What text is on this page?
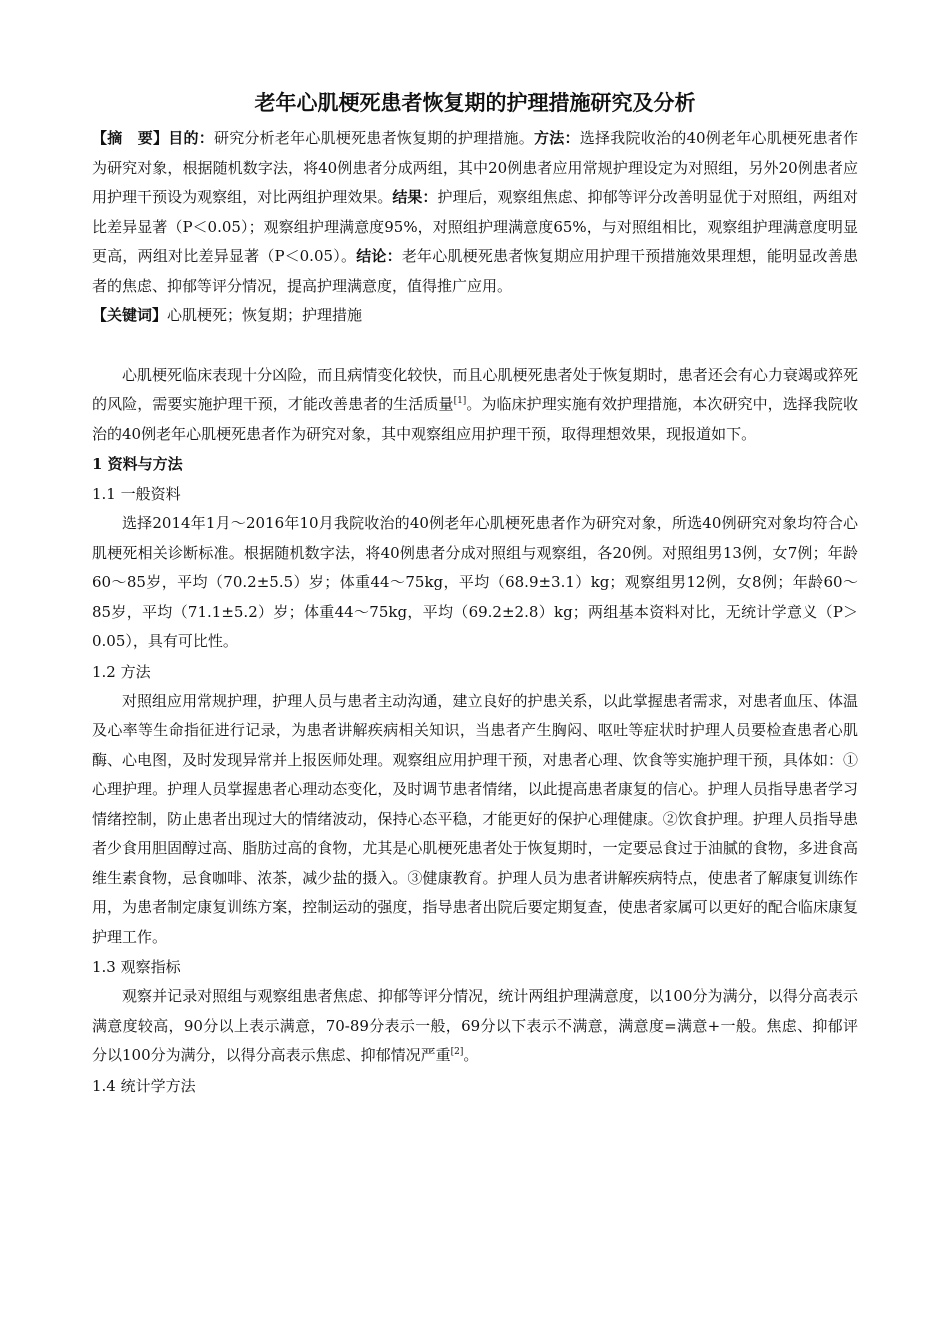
老年心肌梗死患者恢复期的护理措施研究及分析

【摘　要】目的：研究分析老年心肌梗死患者恢复期的护理措施。方法：选择我院收治的40例老年心肌梗死患者作为研究对象，根据随机数字法，将40例患者分成两组，其中20例患者应用常规护理设定为对照组，另外20例患者应用护理干预设为观察组，对比两组护理效果。结果：护理后，观察组焦虑、抑郁等评分改善明显优于对照组，两组对比差异显著（P＜0.05）；观察组护理满意度95%，对照组护理满意度65%，与对照组相比，观察组护理满意度明显更高，两组对比差异显著（P＜0.05）。结论：老年心肌梗死患者恢复期应用护理干预措施效果理想，能明显改善患者的焦虑、抑郁等评分情况，提高护理满意度，值得推广应用。

【关键词】心肌梗死；恢复期；护理措施

心肌梗死临床表现十分凶险，而且病情变化较快，而且心肌梗死患者处于恢复期时，患者还会有心力衰竭或猝死的风险，需要实施护理干预，才能改善患者的生活质量[1]。为临床护理实施有效护理措施，本次研究中，选择我院收治的40例老年心肌梗死患者作为研究对象，其中观察组应用护理干预，取得理想效果，现报道如下。

1 资料与方法

1.1 一般资料

选择2014年1月～2016年10月我院收治的40例老年心肌梗死患者作为研究对象，所选40例研究对象均符合心肌梗死相关诊断标准。根据随机数字法，将40例患者分成对照组与观察组，各20例。对照组男13例，女7例；年龄60～85岁，平均（70.2±5.5）岁；体重44～75kg，平均（68.9±3.1）kg；观察组男12例，女8例；年龄60～85岁，平均（71.1±5.2）岁；体重44～75kg，平均（69.2±2.8）kg；两组基本资料对比，无统计学意义（P＞0.05），具有可比性。

1.2 方法

对照组应用常规护理，护理人员与患者主动沟通，建立良好的护患关系，以此掌握患者需求，对患者血压、体温及心率等生命指征进行记录，为患者讲解疾病相关知识，当患者产生胸闷、呕吐等症状时护理人员要检查患者心肌酶、心电图，及时发现异常并上报医师处理。观察组应用护理干预，对患者心理、饮食等实施护理干预，具体如：①心理护理。护理人员掌握患者心理动态变化，及时调节患者情绪，以此提高患者康复的信心。护理人员指导患者学习情绪控制，防止患者出现过大的情绪波动，保持心态平稳，才能更好的保护心理健康。②饮食护理。护理人员指导患者少食用胆固醇过高、脂肪过高的食物，尤其是心肌梗死患者处于恢复期时，一定要忌食过于油腻的食物，多进食高维生素食物，忌食咖啡、浓茶，减少盐的摄入。③健康教育。护理人员为患者讲解疾病特点，使患者了解康复训练作用，为患者制定康复训练方案，控制运动的强度，指导患者出院后要定期复查，使患者家属可以更好的配合临床康复护理工作。

1.3 观察指标

观察并记录对照组与观察组患者焦虑、抑郁等评分情况，统计两组护理满意度，以100分为满分，以得分高表示满意度较高，90分以上表示满意，70-89分表示一般，69分以下表示不满意，满意度=满意+一般。焦虑、抑郁评分以100分为满分，以得分高表示焦虑、抑郁情况严重[2]。

1.4 统计学方法
